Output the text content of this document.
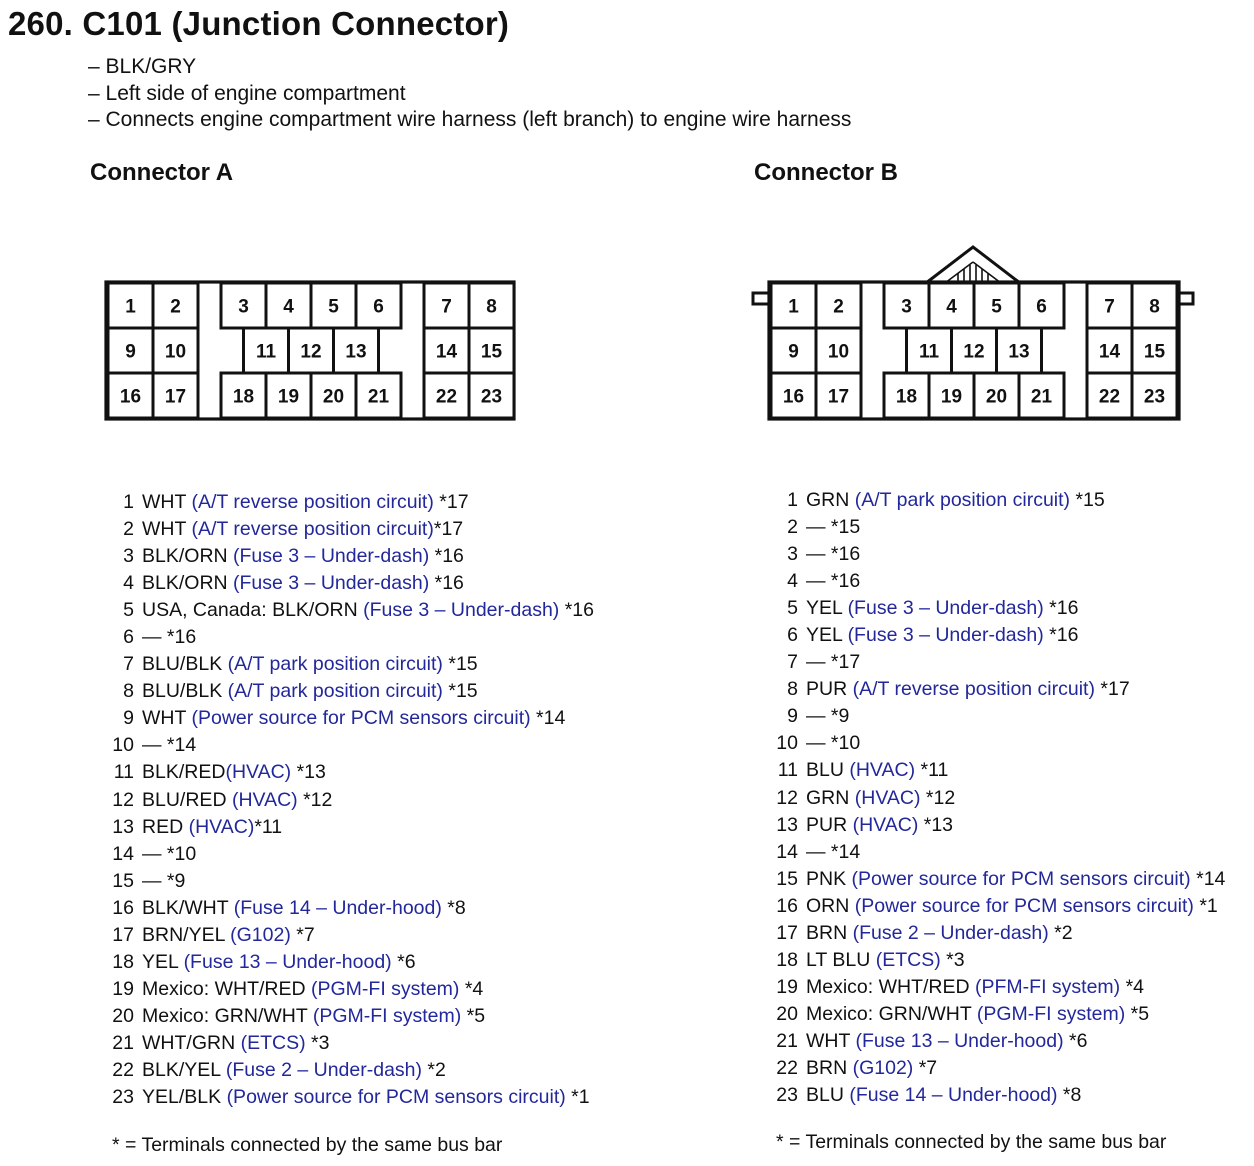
260. C101 (Junction Connector)
– BLK/GRY
– Left side of engine compartment
– Connects engine compartment wire harness (left branch) to engine wire harness
Connector A	Connector B
1 2	3 4 5 6	7 8
9 10	11 12 13	14 15
16 17 18 19 20 21 22 23
1 2	3 4 5 6	7 8
9 10	11 12 13	14 15
16 17 18 19 20 21 22 23
1 WHT (A/T reverse position circuit) *17
2 WHT (A/T reverse position circuit)*17
3 BLK/ORN (Fuse 3 – Under-dash) *16
4 BLK/ORN (Fuse 3 – Under-dash) *16
5 USA, Canada: BLK/ORN (Fuse 3 – Under-dash) *16
6 — *16
7 BLU/BLK (A/T park position circuit) *15
8 BLU/BLK (A/T park position circuit) *15
9 WHT (Power source for PCM sensors circuit) *14
10 — *14
11 BLK/RED(HVAC) *13
12 BLU/RED (HVAC) *12
13 RED (HVAC)*11
14 — *10
15 — *9
16 BLK/WHT (Fuse 14 – Under-hood) *8
17 BRN/YEL (G102) *7
18 YEL (Fuse 13 – Under-hood) *6
19 Mexico: WHT/RED (PGM-FI system) *4
20 Mexico: GRN/WHT (PGM-FI system) *5
21 WHT/GRN (ETCS) *3
22 BLK/YEL (Fuse 2 – Under-dash) *2
23 YEL/BLK (Power source for PCM sensors circuit) *1
1 GRN (A/T park position circuit) *15
2 — *15
3 — *16
4 — *16
5 YEL (Fuse 3 – Under-dash) *16
6 YEL (Fuse 3 – Under-dash) *16
7 — *17
8 PUR (A/T reverse position circuit) *17
9 — *9
10 — *10
11 BLU (HVAC) *11
12 GRN (HVAC) *12
13 PUR (HVAC) *13
14 — *14
15 PNK (Power source for PCM sensors circuit) *14
16 ORN (Power source for PCM sensors circuit) *1
17 BRN (Fuse 2 – Under-dash) *2
18 LT BLU (ETCS) *3
19 Mexico: WHT/RED (PFM-FI system) *4
20 Mexico: GRN/WHT (PGM-FI system) *5
21 WHT (Fuse 13 – Under-hood) *6
22 BRN (G102) *7
23 BLU (Fuse 14 – Under-hood) *8

* = Terminals connected by the same bus bar	* = Terminals connected by the same bus bar
